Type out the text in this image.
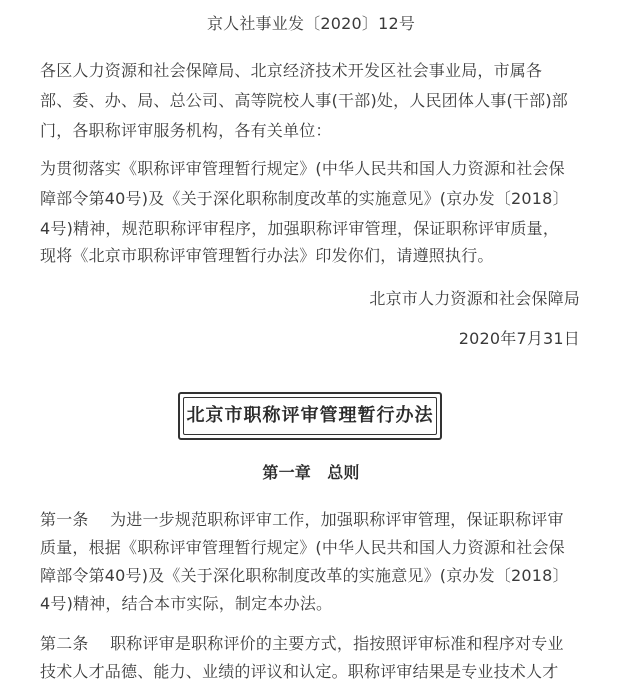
京人社事业发〔2020〕12号
各区人力资源和社会保障局、北京经济技术开发区社会事业局，市属各
部、委、办、局、总公司、高等院校人事(干部)处，人民团体人事(干部)部
门，各职称评审服务机构，各有关单位：
为贯彻落实《职称评审管理暂行规定》(中华人民共和国人力资源和社会保
障部令第40号)及《关于深化职称制度改革的实施意见》(京办发〔2018〕
4号)精神，规范职称评审程序，加强职称评审管理，保证职称评审质量，
现将《北京市职称评审管理暂行办法》印发你们，请遵照执行。
北京市人力资源和社会保障局
2020年7月31日
北京市职称评审管理暂行办法
第一章　总则
第一条　 为进一步规范职称评审工作，加强职称评审管理，保证职称评审
质量，根据《职称评审管理暂行规定》(中华人民共和国人力资源和社会保
障部令第40号)及《关于深化职称制度改革的实施意见》(京办发〔2018〕
4号)精神，结合本市实际，制定本办法。
第二条　 职称评审是职称评价的主要方式，指按照评审标准和程序对专业
技术人才品德、能力、业绩的评议和认定。职称评审结果是专业技术人才
